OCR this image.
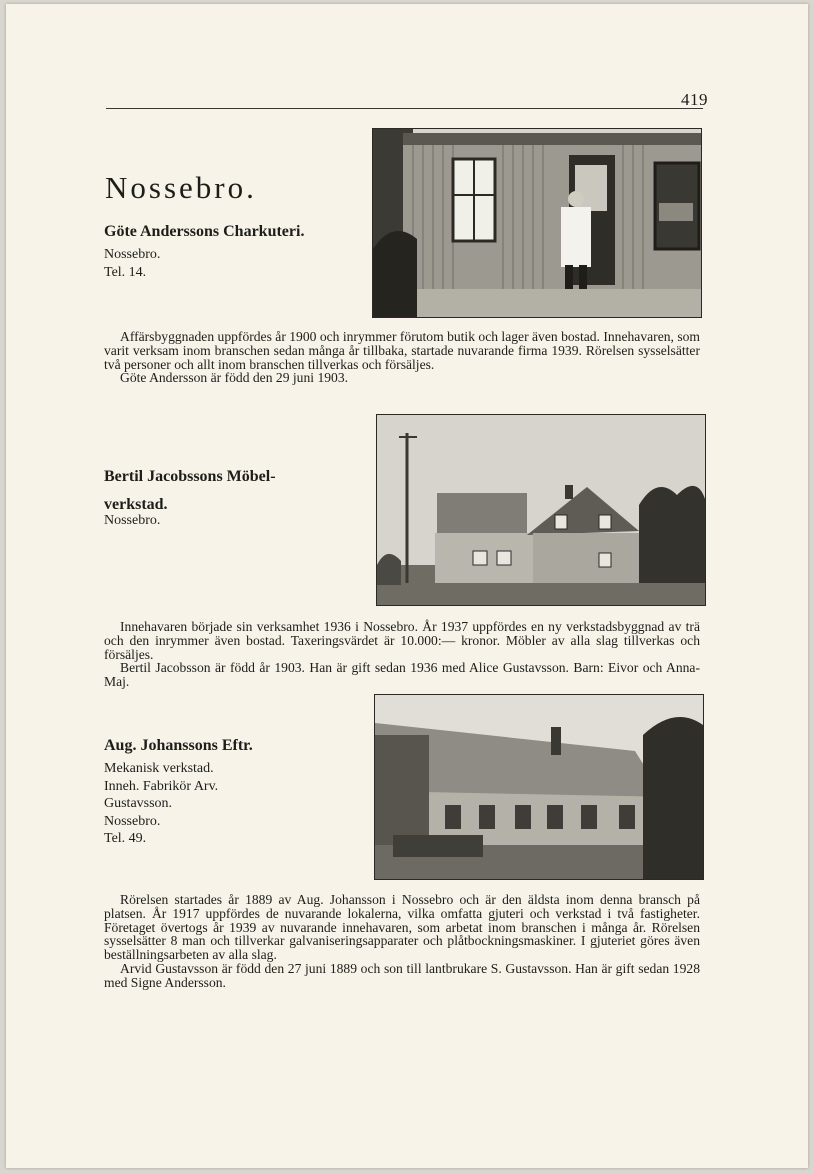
419
Nossebro.
Göte Anderssons Charkuteri.
Nossebro.
Tel. 14.

Affärsbyggnaden uppfördes år 1900 och inrymmer förutom butik och lager även bostad. Innehavaren, som varit verksam inom branschen sedan många år tillbaka, startade nuvarande firma 1939. Rörelsen sysselsätter två personer och allt inom branschen tillverkas och försäljes.

Göte Andersson är född den 29 juni 1903.

Bertil Jacobssons Möbel-
verkstad.
Nossebro.

Innehavaren började sin verksamhet 1936 i Nossebro. År 1937 uppfördes en ny verkstadsbyggnad av trä och den inrymmer även bostad. Taxeringsvärdet är 10.000:— kronor. Möbler av alla slag tillverkas och försäljes.

Bertil Jacobsson är född år 1903. Han är gift sedan 1936 med Alice Gustavsson. Barn: Eivor och Anna-Maj.

Aug. Johanssons Eftr.
Mekanisk verkstad.
Inneh. Fabrikör Arv.
Gustavsson.
Nossebro.
Tel. 49.

Rörelsen startades år 1889 av Aug. Johansson i Nossebro och är den äldsta inom denna bransch på platsen. År 1917 uppfördes de nuvarande lokalerna, vilka omfatta gjuteri och verkstad i två fastigheter. Företaget övertogs år 1939 av nuvarande innehavaren, som arbetat inom branschen i många år. Rörelsen sysselsätter 8 man och tillverkar galvaniseringsapparater och plåtbockningsmaskiner. I gjuteriet göres även beställningsarbeten av alla slag.

Arvid Gustavsson är född den 27 juni 1889 och son till lantbrukare S. Gustavsson. Han är gift sedan 1928 med Signe Andersson.
